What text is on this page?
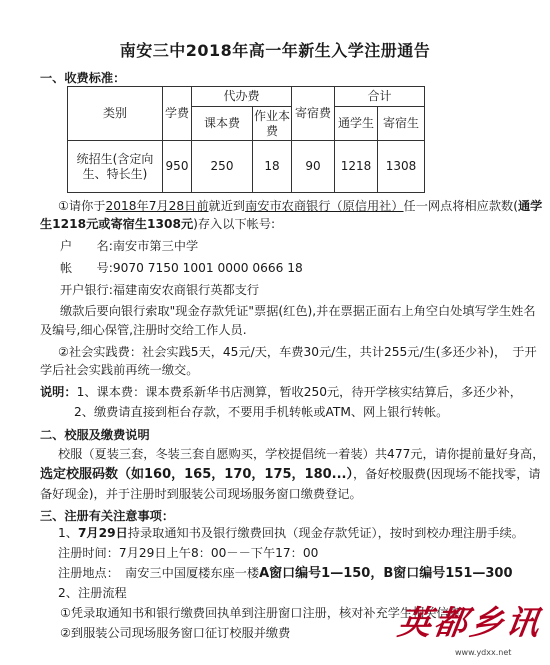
南安三中2018年高一年新生入学注册通告
一、收费标准：
类别	学费	代办费		寄宿费	合计	
		课本费	作业本费		通学生	寄宿生
统招生(含定向生、特长生)	950	250	18	90	1218	1308
①请你于2018年7月28日前就近到南安市农商银行（原信用社）任一网点将相应款数(通学
生1218元或寄宿生1308元)存入以下帐号:
户　　名:南安市第三中学
帐　　号:9070 7150 1001 0000 0666 18
开户银行:福建南安农商银行英都支行
缴款后要向银行索取"现金存款凭证"票据(红色),并在票据正面右上角空白处填写学生姓名
及编号,细心保管,注册时交给工作人员.
②社会实践费：社会实践5天，45元/天，车费30元/生，共计255元/生(多还少补)，　于开
学后社会实践前再统一缴交。
说明：1、课本费：课本费系新华书店测算，暂收250元，待开学核实结算后，多还少补，
2、缴费请直接到柜台存款，不要用手机转帐或ATM、网上银行转帐。
二、校服及缴费说明
校服（夏装三套，冬装三套自愿购买，学校提倡统一着装）共477元，请你提前量好身高，
选定校服码数（如160，165，170，175，180...），备好校服费(因现场不能找零，请
备好现金)，并于注册时到服装公司现场服务窗口缴费登记。
三、注册有关注意事项：
1、7月29日持录取通知书及银行缴费回执（现金存款凭证），按时到校办理注册手续。
注册时间：7月29日上午8：00－－下午17：00
注册地点：　南安三中国厦楼东座一楼A窗口编号1—150，B窗口编号151—300
2、注册流程
①凭录取通知书和银行缴费回执单到注册窗口注册，核对补充学生相关信息
②到服装公司现场服务窗口征订校服并缴费	英都乡讯
www.ydxx.net
